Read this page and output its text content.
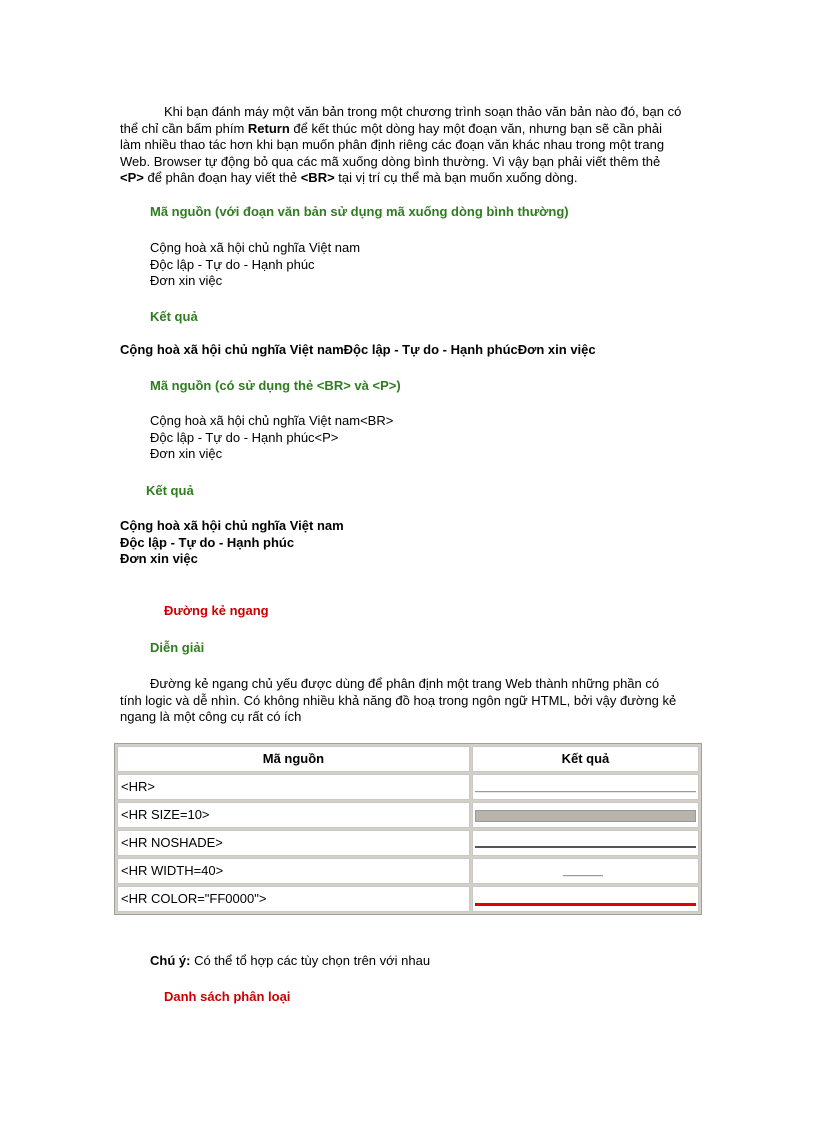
Khi bạn đánh máy một văn bản trong một chương trình soạn thảo văn bản nào đó, bạn có
thể chỉ cần bấm phím Return để kết thúc một dòng hay một đoạn văn, nhưng bạn sẽ cần phải
làm nhiều thao tác hơn khi bạn muốn phân định riêng các đoạn văn khác nhau trong một trang
Web. Browser tự động bỏ qua các mã xuống dòng bình thường. Vì vậy bạn phải viết thêm thẻ
<P> để phân đoạn hay viết thẻ <BR> tại vị trí cụ thể mà bạn muốn xuống dòng.
Mã nguồn (với đoạn văn bản sử dụng mã xuống dòng bình thường)
Cộng hoà xã hội chủ nghĩa Việt nam
Độc lập - Tự do - Hạnh phúc
Đơn xin việc
Kết quả
Cộng hoà xã hội chủ nghĩa Việt namĐộc lập - Tự do - Hạnh phúcĐơn xin việc
Mã nguồn (có sử dụng thẻ <BR> và <P>)
Cộng hoà xã hội chủ nghĩa Việt nam<BR>
Độc lập - Tự do - Hạnh phúc<P>
Đơn xin việc
Kết quả
Cộng hoà xã hội chủ nghĩa Việt nam
Độc lập - Tự do - Hạnh phúc
Đơn xin việc
Đường kẻ ngang
Diễn giải
Đường kẻ ngang chủ yếu được dùng để phân định một trang Web thành những phần có
tính logic và dễ nhìn. Có không nhiều khả năng đồ hoạ trong ngôn ngữ HTML, bởi vậy đường kẻ
ngang là một công cụ rất có ích
Mã nguồn	Kết quả
<HR>	

<HR SIZE=10>	

<HR NOSHADE>	

<HR WIDTH=40>	

<HR COLOR="FF0000">	
Chú ý: Có thể tổ hợp các tùy chọn trên với nhau
Danh sách phân loại
